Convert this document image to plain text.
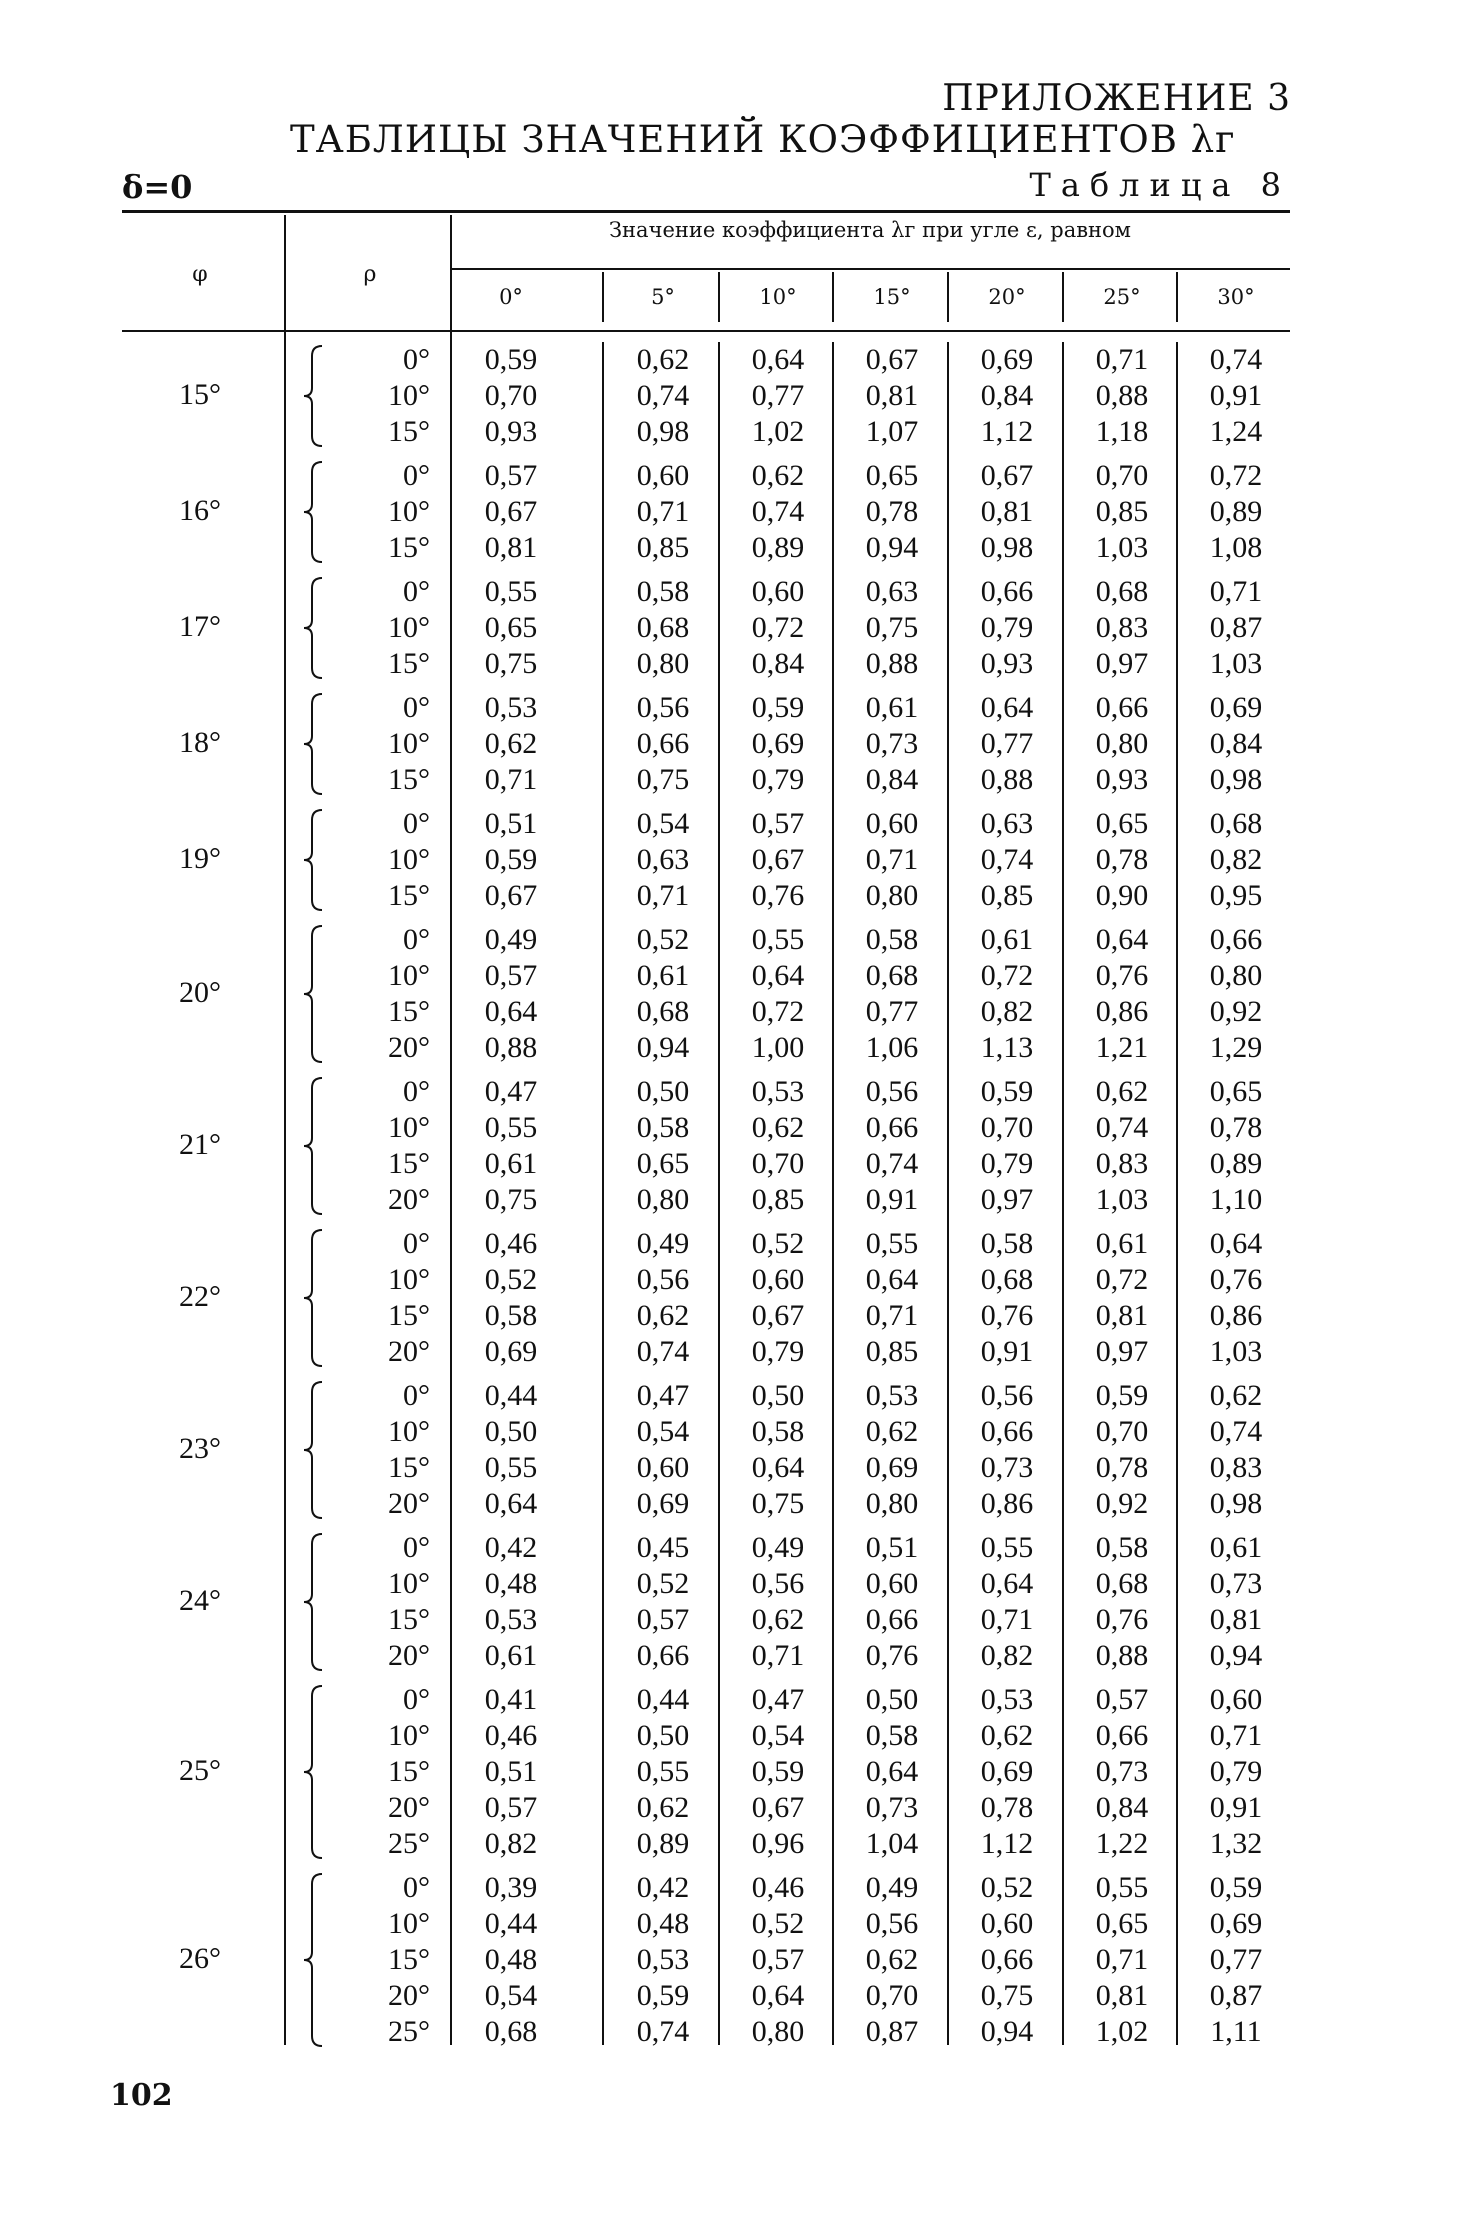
ПРИЛОЖЕНИЕ 3
ТАБЛИЦЫ ЗНАЧЕНИЙ КОЭФФИЦИЕНТОВ λг
δ=0	Таблица 8
φ	ρ
Значение коэффициента λг при угле ε, равном
0°	5°	10°	15°	20°	25°	30°
15°
0°	0,59	0,62	0,64	0,67	0,69	0,71	0,74
10°	0,70	0,74	0,77	0,81	0,84	0,88	0,91
15°	0,93	0,98	1,02	1,07	1,12	1,18	1,24
16°
0°	0,57	0,60	0,62	0,65	0,67	0,70	0,72
10°	0,67	0,71	0,74	0,78	0,81	0,85	0,89
15°	0,81	0,85	0,89	0,94	0,98	1,03	1,08
17°
0°	0,55	0,58	0,60	0,63	0,66	0,68	0,71
10°	0,65	0,68	0,72	0,75	0,79	0,83	0,87
15°	0,75	0,80	0,84	0,88	0,93	0,97	1,03
18°
0°	0,53	0,56	0,59	0,61	0,64	0,66	0,69
10°	0,62	0,66	0,69	0,73	0,77	0,80	0,84
15°	0,71	0,75	0,79	0,84	0,88	0,93	0,98
19°
0°	0,51	0,54	0,57	0,60	0,63	0,65	0,68
10°	0,59	0,63	0,67	0,71	0,74	0,78	0,82
15°	0,67	0,71	0,76	0,80	0,85	0,90	0,95
20°
0°	0,49	0,52	0,55	0,58	0,61	0,64	0,66
10°	0,57	0,61	0,64	0,68	0,72	0,76	0,80
15°	0,64	0,68	0,72	0,77	0,82	0,86	0,92
20°	0,88	0,94	1,00	1,06	1,13	1,21	1,29
21°
0°	0,47	0,50	0,53	0,56	0,59	0,62	0,65
10°	0,55	0,58	0,62	0,66	0,70	0,74	0,78
15°	0,61	0,65	0,70	0,74	0,79	0,83	0,89
20°	0,75	0,80	0,85	0,91	0,97	1,03	1,10
22°
0°	0,46	0,49	0,52	0,55	0,58	0,61	0,64
10°	0,52	0,56	0,60	0,64	0,68	0,72	0,76
15°	0,58	0,62	0,67	0,71	0,76	0,81	0,86
20°	0,69	0,74	0,79	0,85	0,91	0,97	1,03
23°
0°	0,44	0,47	0,50	0,53	0,56	0,59	0,62
10°	0,50	0,54	0,58	0,62	0,66	0,70	0,74
15°	0,55	0,60	0,64	0,69	0,73	0,78	0,83
20°	0,64	0,69	0,75	0,80	0,86	0,92	0,98
24°
0°	0,42	0,45	0,49	0,51	0,55	0,58	0,61
10°	0,48	0,52	0,56	0,60	0,64	0,68	0,73
15°	0,53	0,57	0,62	0,66	0,71	0,76	0,81
20°	0,61	0,66	0,71	0,76	0,82	0,88	0,94
25°
0°	0,41	0,44	0,47	0,50	0,53	0,57	0,60
10°	0,46	0,50	0,54	0,58	0,62	0,66	0,71
15°	0,51	0,55	0,59	0,64	0,69	0,73	0,79
20°	0,57	0,62	0,67	0,73	0,78	0,84	0,91
25°	0,82	0,89	0,96	1,04	1,12	1,22	1,32
26°
0°	0,39	0,42	0,46	0,49	0,52	0,55	0,59
10°	0,44	0,48	0,52	0,56	0,60	0,65	0,69
15°	0,48	0,53	0,57	0,62	0,66	0,71	0,77
20°	0,54	0,59	0,64	0,70	0,75	0,81	0,87
25°	0,68	0,74	0,80	0,87	0,94	1,02	1,11
102
